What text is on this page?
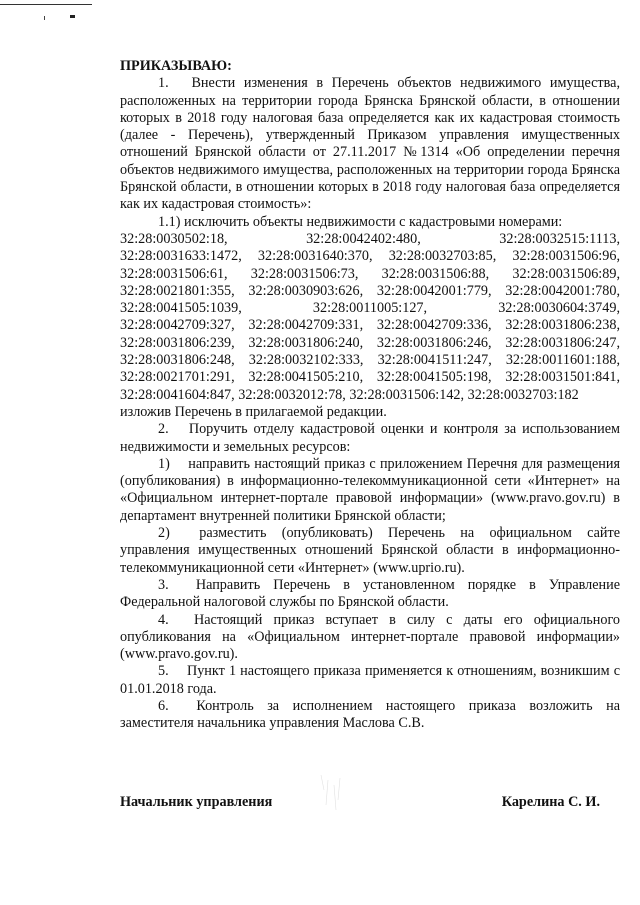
ПРИКАЗЫВАЮ:

1.  Внести изменения в Перечень объектов недвижимого имущества, расположенных на территории города Брянска Брянской области, в отношении которых в 2018 году налоговая база определяется как их кадастровая стоимость (далее - Перечень), утвержденный Приказом управления имущественных отношений Брянской области от 27.11.2017 №1314 «Об определении перечня объектов недвижимого имущества, расположенных на территории города Брянска Брянской области, в отношении которых в 2018 году налоговая база определяется как их кадастровая стоимость»:

1.1) исключить объекты недвижимости с кадастровыми номерами:

32:28:0030502:18, 32:28:0042402:480, 32:28:0032515:1113,

32:28:0031633:1472, 32:28:0031640:370, 32:28:0032703:85, 32:28:0031506:96,

32:28:0031506:61, 32:28:0031506:73, 32:28:0031506:88, 32:28:0031506:89,

32:28:0021801:355, 32:28:0030903:626, 32:28:0042001:779, 32:28:0042001:780,

32:28:0041505:1039, 32:28:0011005:127, 32:28:0030604:3749,

32:28:0042709:327, 32:28:0042709:331, 32:28:0042709:336, 32:28:0031806:238,

32:28:0031806:239, 32:28:0031806:240, 32:28:0031806:246, 32:28:0031806:247,

32:28:0031806:248, 32:28:0032102:333, 32:28:0041511:247, 32:28:0011601:188,

32:28:0021701:291, 32:28:0041505:210, 32:28:0041505:198, 32:28:0031501:841,

32:28:0041604:847, 32:28:0032012:78, 32:28:0031506:142, 32:28:0032703:182

изложив Перечень в прилагаемой редакции.

2.  Поручить отделу кадастровой оценки и контроля за использованием недвижимости и земельных ресурсов:

1)  направить настоящий приказ с приложением Перечня для размещения (опубликования) в информационно-телекоммуникационной сети «Интернет» на «Официальном интернет-портале правовой информации» (www.pravo.gov.ru) в департамент внутренней политики Брянской области;

2)  разместить (опубликовать) Перечень на официальном сайте управления имущественных отношений Брянской области в информационно-телекоммуникационной сети «Интернет» (www.uprio.ru).

3.  Направить Перечень в установленном порядке в Управление Федеральной налоговой службы по Брянской области.

4.  Настоящий приказ вступает в силу с даты его официального опубликования на «Официальном интернет-портале правовой информации» (www.pravo.gov.ru).

5.  Пункт 1 настоящего приказа применяется к отношениям, возникшим с 01.01.2018 года.

6.  Контроль за исполнением настоящего приказа возложить на заместителя начальника управления Маслова С.В.

Начальник управления	Карелина С. И.
